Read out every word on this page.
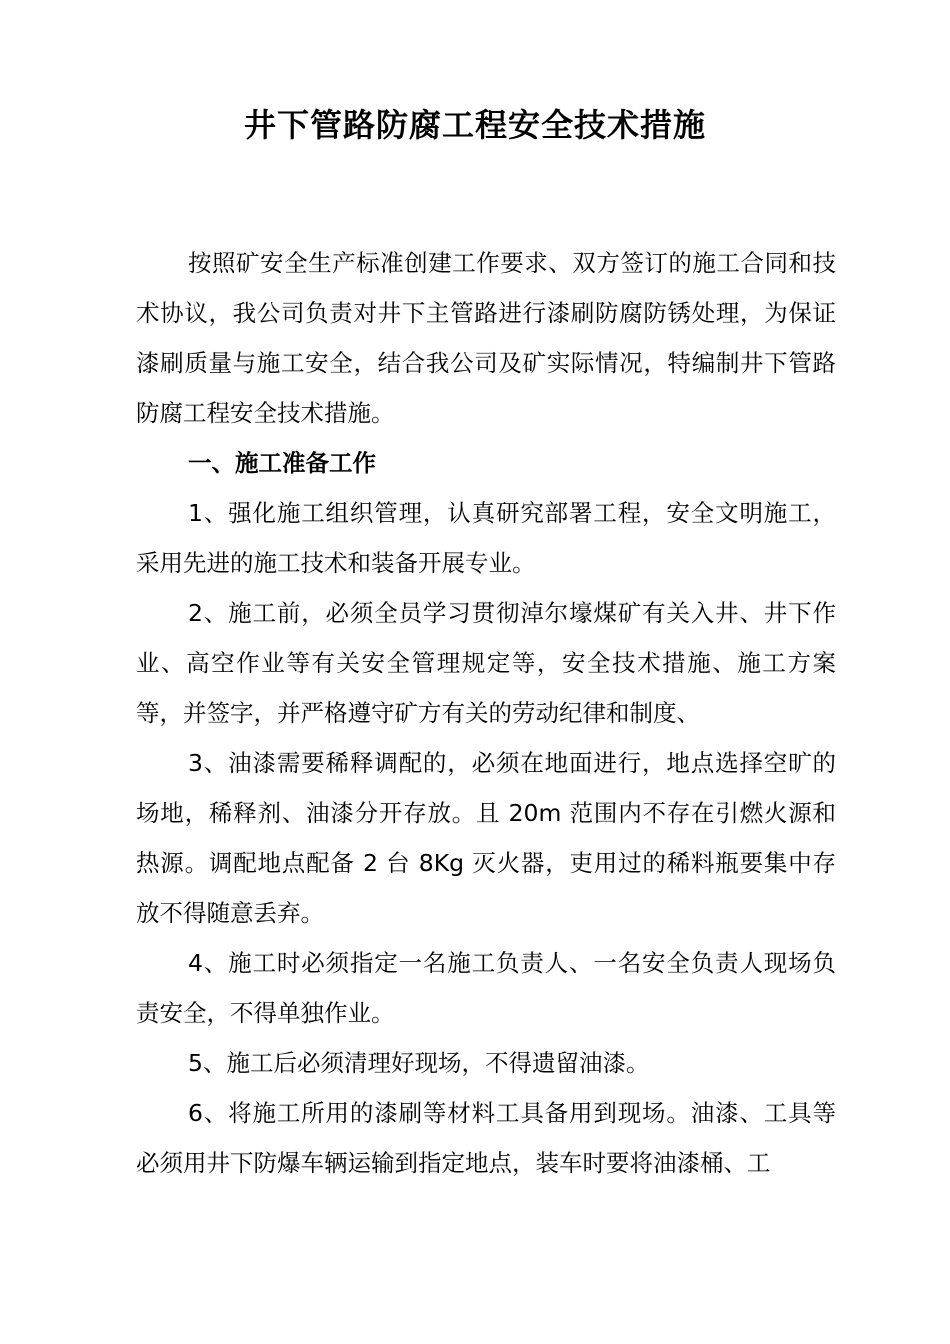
井下管路防腐工程安全技术措施

按照矿安全生产标准创建工作要求、双方签订的施工合同和技术协议，我公司负责对井下主管路进行漆刷防腐防锈处理，为保证漆刷质量与施工安全，结合我公司及矿实际情况，特编制井下管路防腐工程安全技术措施。

一、施工准备工作

1、强化施工组织管理，认真研究部署工程，安全文明施工，采用先进的施工技术和装备开展专业。

2、施工前，必须全员学习贯彻淖尔壕煤矿有关入井、井下作业、高空作业等有关安全管理规定等，安全技术措施、施工方案等，并签字，并严格遵守矿方有关的劳动纪律和制度、

3、油漆需要稀释调配的，必须在地面进行，地点选择空旷的场地，稀释剂、油漆分开存放。且 20m 范围内不存在引燃火源和热源。调配地点配备 2 台 8Kg 灭火器，吏用过的稀料瓶要集中存放不得随意丢弃。

4、施工时必须指定一名施工负责人、一名安全负责人现场负责安全，不得单独作业。

5、施工后必须清理好现场，不得遗留油漆。

6、将施工所用的漆刷等材料工具备用到现场。油漆、工具等必须用井下防爆车辆运输到指定地点，装车时要将油漆桶、工
